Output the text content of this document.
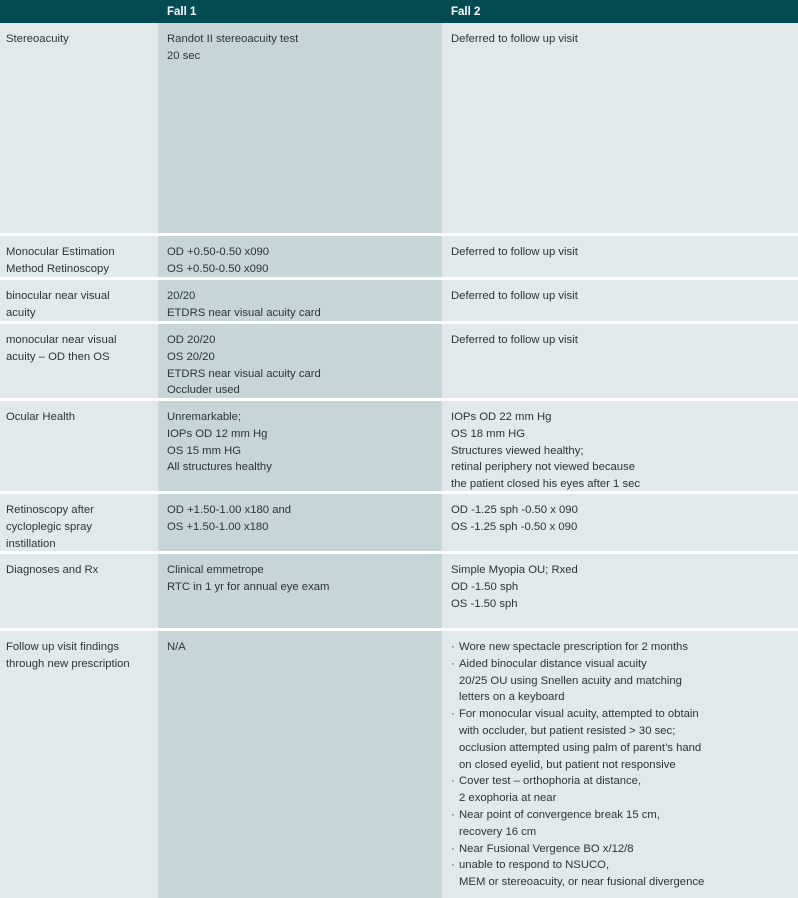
Fall 1	Fall 2
Stereoacuity	Randot II stereoacuity test
20 sec
Deferred to follow up visit
Monocular Estimation
Method Retinoscopy
OD +0.50-0.50 x090
OS +0.50-0.50 x090
Deferred to follow up visit
binocular near visual
acuity
20/20
ETDRS near visual acuity card
Deferred to follow up visit
monocular near visual
acuity – OD then OS
OD 20/20
OS 20/20
ETDRS near visual acuity card
Occluder used
Deferred to follow up visit
Ocular Health	Unremarkable;
IOPs OD 12 mm Hg
OS 15 mm HG
All structures healthy
IOPs OD 22 mm Hg
OS 18 mm HG
Structures viewed healthy;
retinal periphery not viewed because
the patient closed his eyes after 1 sec
Retinoscopy after
cycloplegic spray
instillation
OD +1.50-1.00 x180 and
OS +1.50-1.00 x180
OD -1.25 sph -0.50 x 090
OS -1.25 sph -0.50 x 090
Diagnoses and Rx	Clinical emmetrope
RTC in 1 yr for annual eye exam
Simple Myopia OU; Rxed
OD -1.50 sph
OS -1.50 sph
Follow up visit findings
through new prescription
N/A
·	Wore new spectacle prescription for 2 months
· Aided binocular distance visual acuity
20/25 OU using Snellen acuity and matching
letters on a keyboard
· For monocular visual acuity, attempted to obtain
with occluder, but patient resisted > 30 sec;
occlusion attempted using palm of parent’s hand
on closed eyelid, but patient not responsive
· Cover test – orthophoria at distance,
2 exophoria at near
· Near point of convergence break 15 cm,
recovery 16 cm
· Near Fusional Vergence BO x/12/8
· unable to respond to NSUCO,
MEM or stereoacuity, or near fusional divergence
